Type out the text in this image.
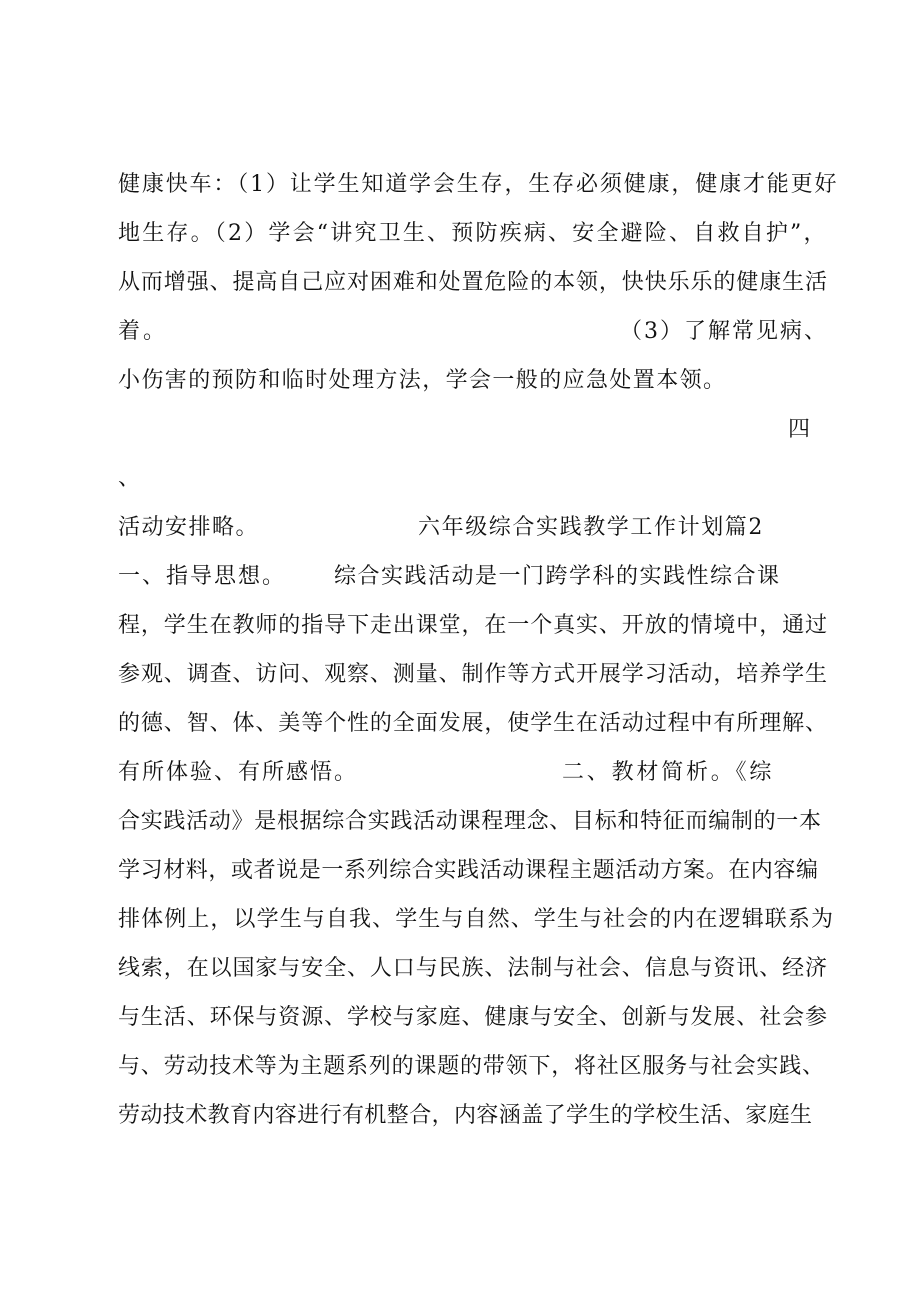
健康快车：（1）让学生知道学会生存，生存必须健康，健康才能更好
地生存。（2）学会“讲究卫生、预防疾病、安全避险、自救自护”，
从而增强、提高自己应对困难和处置危险的本领，快快乐乐的健康生活
着。	（3）了解常见病、
小伤害的预防和临时处理方法，学会一般的应急处置本领。
四
、
活动安排略。	六年级综合实践教学工作计划篇2
一、指导思想。 综合实践活动是一门跨学科的实践性综合课
程，学生在教师的指导下走出课堂，在一个真实、开放的情境中，通过
参观、调查、访问、观察、测量、制作等方式开展学习活动，培养学生
的德、智、体、美等个性的全面发展，使学生在活动过程中有所理解、
有所体验、有所感悟。	二、教材简析。《综
合实践活动》是根据综合实践活动课程理念、目标和特征而编制的一本
学习材料，或者说是一系列综合实践活动课程主题活动方案。在内容编
排体例上，以学生与自我、学生与自然、学生与社会的内在逻辑联系为
线索，在以国家与安全、人口与民族、法制与社会、信息与资讯、经济
与生活、环保与资源、学校与家庭、健康与安全、创新与发展、社会参
与、劳动技术等为主题系列的课题的带领下，将社区服务与社会实践、
劳动技术教育内容进行有机整合，内容涵盖了学生的学校生活、家庭生
